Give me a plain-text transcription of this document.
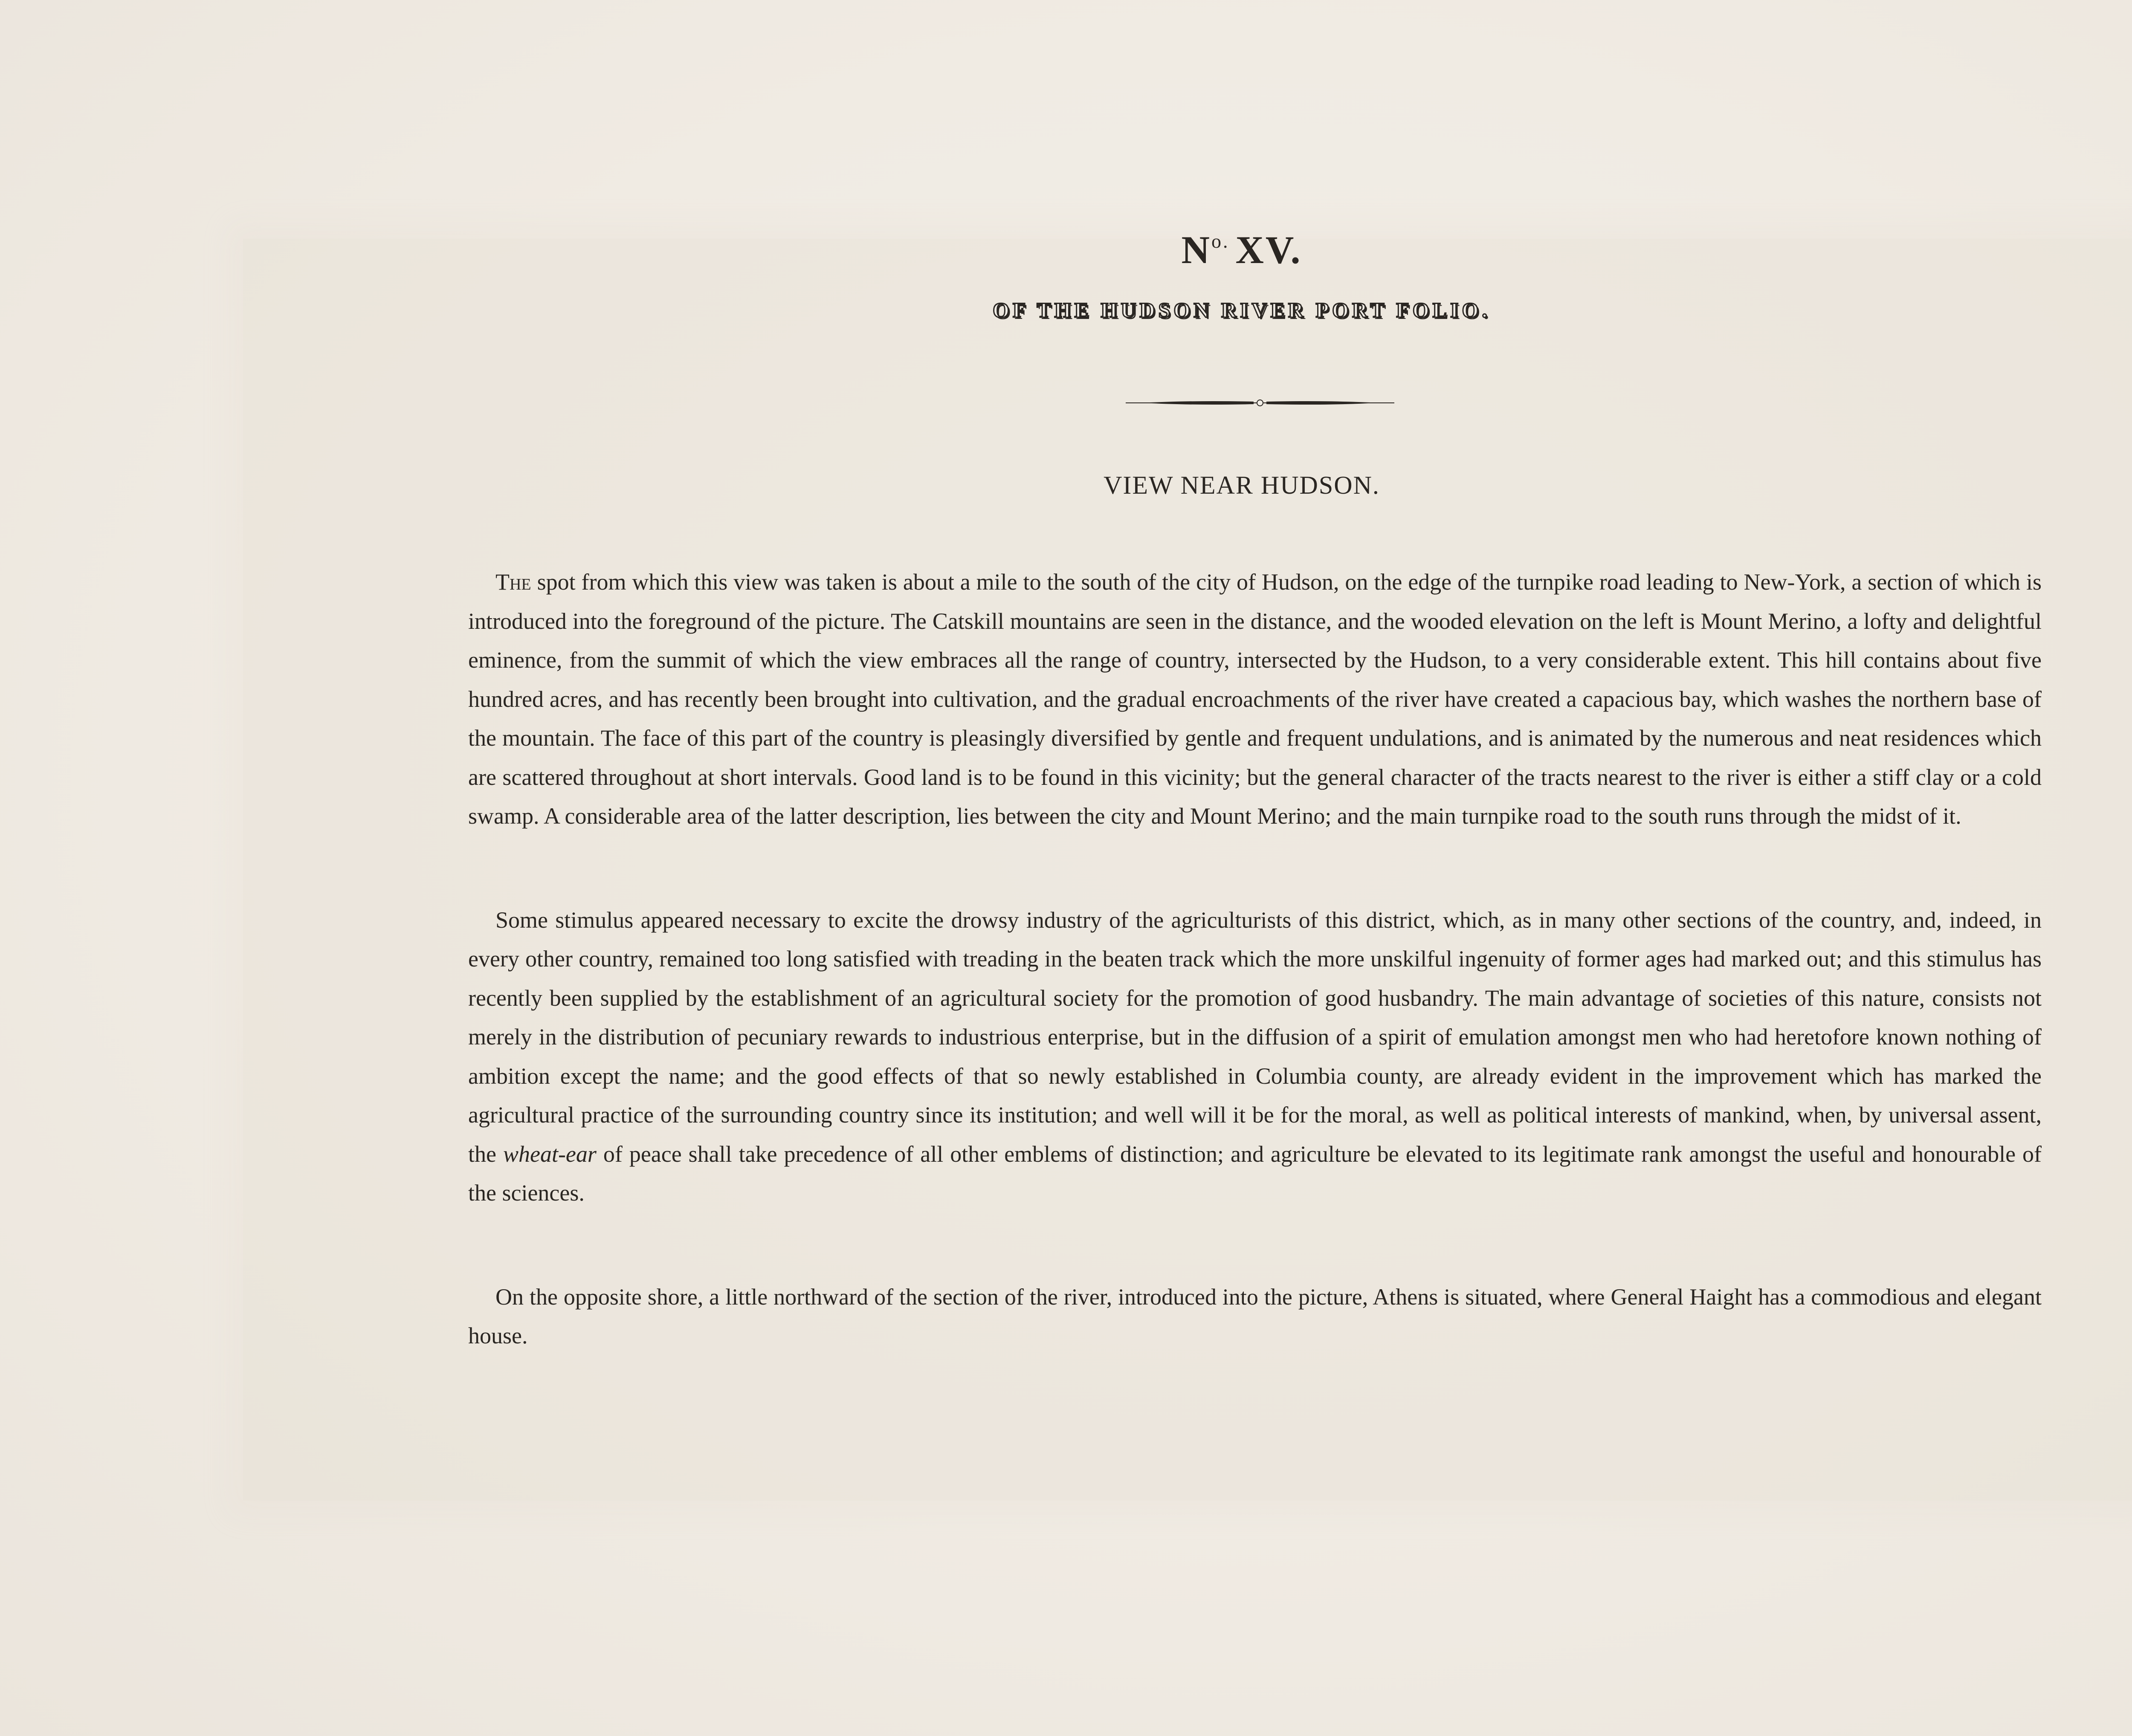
$N^{o.}$ XV.
OF THE HUDSON RIVER PORT FOLIO.
VIEW NEAR HUDSON.

The spot from which this view was taken is about a mile to the south of the city of Hudson, on the edge of the turnpike road leading to New-York, a section of which is introduced into the foreground of the picture. The Catskill mountains are seen in the distance, and the wooded elevation on the left is Mount Merino, a lofty and delightful eminence, from the summit of which the view embraces all the range of country, intersected by the Hudson, to a very considerable extent. This hill contains about five hundred acres, and has recently been brought into cultivation, and the gradual encroachments of the river have created a capacious bay, which washes the northern base of the mountain. The face of this part of the country is pleasingly diversified by gentle and frequent undulations, and is animated by the numerous and neat residences which are scattered throughout at short intervals. Good land is to be found in this vicinity; but the general character of the tracts nearest to the river is either a stiff clay or a cold swamp. A considerable area of the latter description, lies between the city and Mount Merino; and the main turnpike road to the south runs through the midst of it.

Some stimulus appeared necessary to excite the drowsy industry of the agriculturists of this district, which, as in many other sections of the country, and, indeed, in every other country, remained too long satisfied with treading in the beaten track which the more unskilful ingenuity of former ages had marked out; and this stimulus has recently been supplied by the establishment of an agricultural society for the promotion of good husbandry. The main advantage of societies of this nature, consists not merely in the distribution of pecuniary rewards to industrious enterprise, but in the diffusion of a spirit of emulation amongst men who had heretofore known nothing of ambition except the name; and the good effects of that so newly established in Columbia county, are already evident in the improvement which has marked the agricultural practice of the surrounding country since its institution; and well will it be for the moral, as well as political interests of mankind, when, by universal assent, the wheat-ear of peace shall take precedence of all other emblems of distinction; and agriculture be elevated to its legitimate rank amongst the useful and honourable of the sciences.

On the opposite shore, a little northward of the section of the river, introduced into the picture, Athens is situated, where General Haight has a commodious and elegant house.
